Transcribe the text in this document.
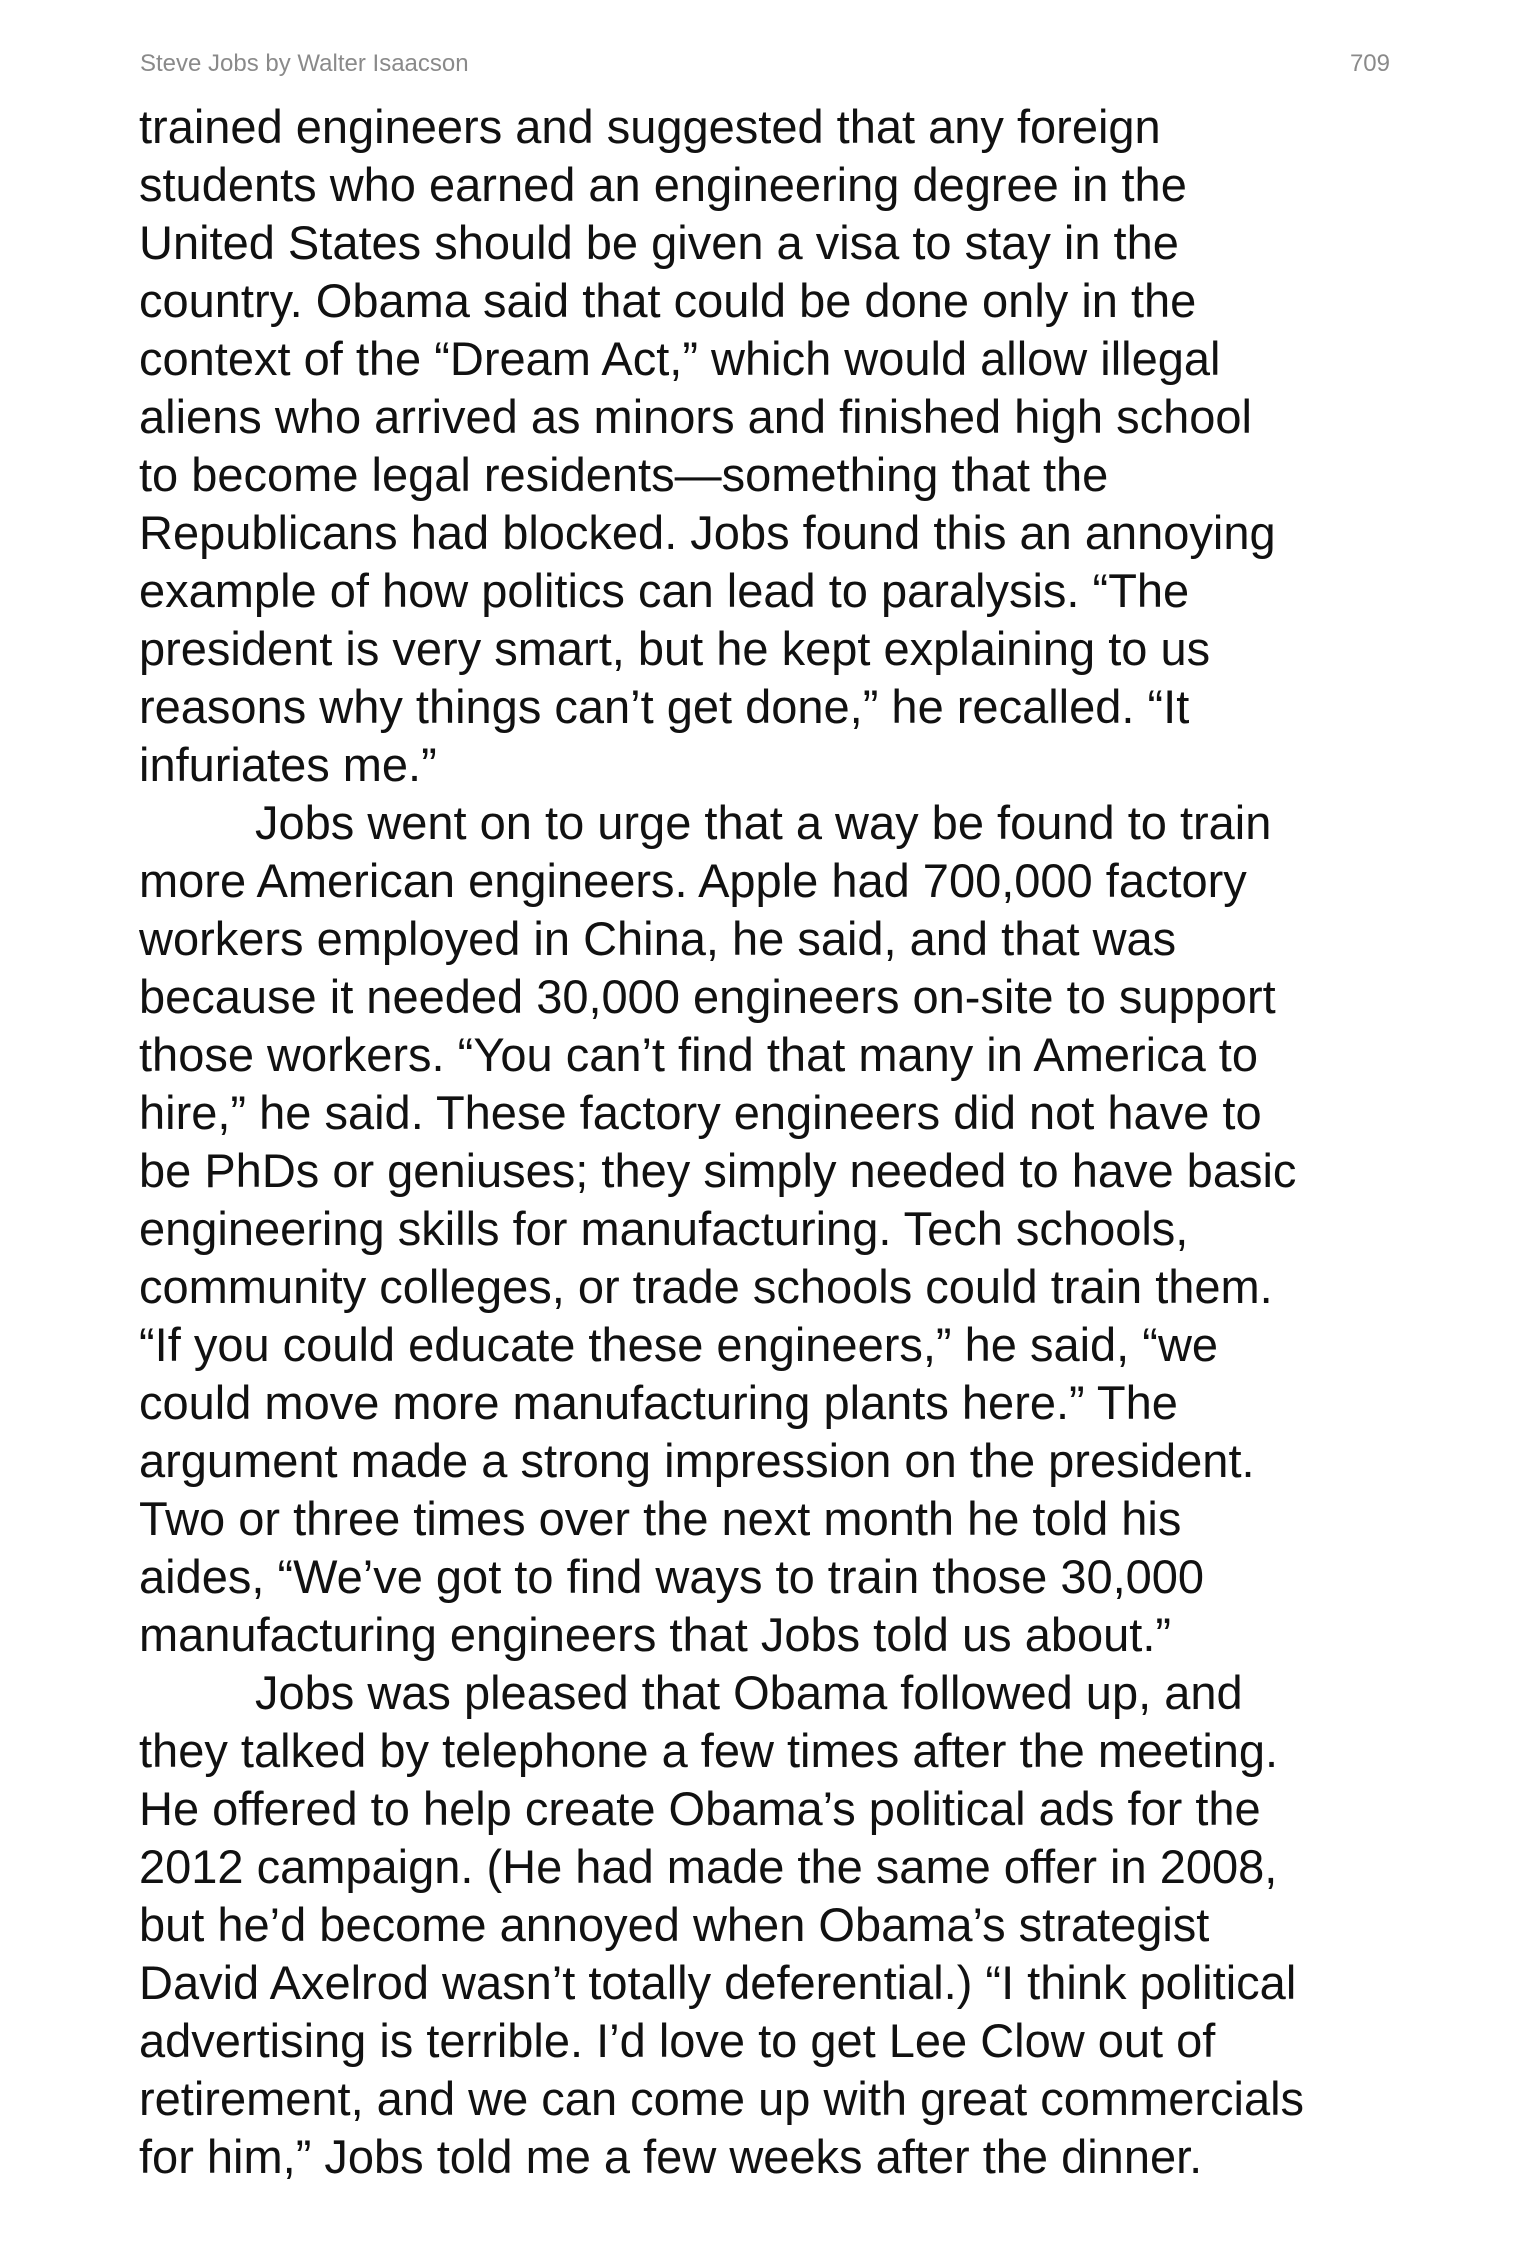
Steve Jobs by Walter Isaacson	709
trained engineers and suggested that any foreign
students who earned an engineering degree in the
United States should be given a visa to stay in the
country. Obama said that could be done only in the
context of the “Dream Act,” which would allow illegal
aliens who arrived as minors and finished high school
to become legal residents—something that the
Republicans had blocked. Jobs found this an annoying
example of how politics can lead to paralysis. “The
president is very smart, but he kept explaining to us
reasons why things can’t get done,” he recalled. “It
infuriates me.”
Jobs went on to urge that a way be found to train
more American engineers. Apple had 700,000 factory
workers employed in China, he said, and that was
because it needed 30,000 engineers on-site to support
those workers. “You can’t find that many in America to
hire,” he said. These factory engineers did not have to
be PhDs or geniuses; they simply needed to have basic
engineering skills for manufacturing. Tech schools,
community colleges, or trade schools could train them.
“If you could educate these engineers,” he said, “we
could move more manufacturing plants here.” The
argument made a strong impression on the president.
Two or three times over the next month he told his
aides, “We’ve got to find ways to train those 30,000
manufacturing engineers that Jobs told us about.”
Jobs was pleased that Obama followed up, and
they talked by telephone a few times after the meeting.
He offered to help create Obama’s political ads for the
2012 campaign. (He had made the same offer in 2008,
but he’d become annoyed when Obama’s strategist
David Axelrod wasn’t totally deferential.) “I think political
advertising is terrible. I’d love to get Lee Clow out of
retirement, and we can come up with great commercials
for him,” Jobs told me a few weeks after the dinner.
